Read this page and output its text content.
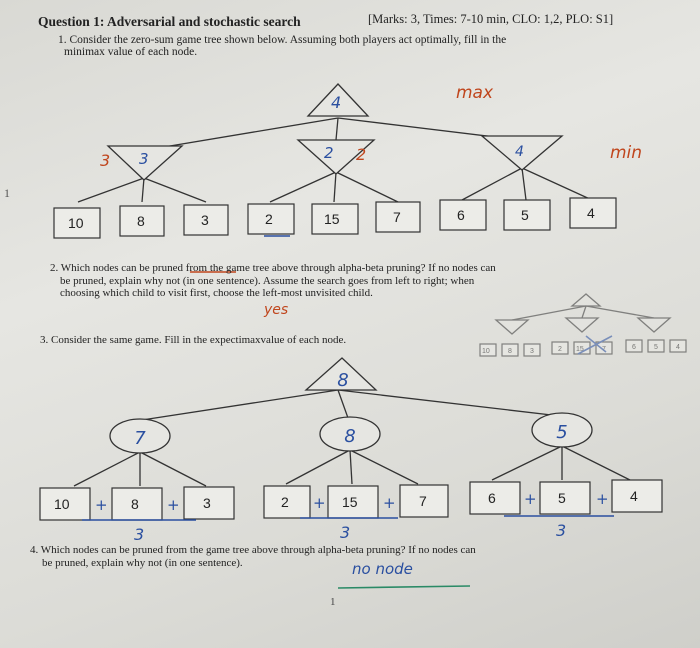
Question 1: Adversarial and stochastic search	[Marks: 3, Times: 7-10 min, CLO: 1,2, PLO: S1]
1
1. Consider the zero-sum game tree shown below. Assuming both players act optimally, fill in the
minimax value of each node.
4
3 3	2 2	4
max
min
10	8	3	2	15	7	6	5	4
10	8	3	2 15	7	6	5	4
8
7	8	5
10	8	3	2	15	7	6	5	4
+	+	+	+	+	+
3	3	3
2. Which nodes can be pruned from the game tree above through alpha-beta pruning? If no nodes can
be pruned, explain why not (in one sentence). Assume the search goes from left to right; when
choosing which child to visit first, choose the left-most unvisited child.
yes
3. Consider the same game. Fill in the expectimaxvalue of each node.
4. Which nodes can be pruned from the game tree above through alpha-beta pruning? If no nodes can
be pruned, explain why not (in one sentence).	no node
1
